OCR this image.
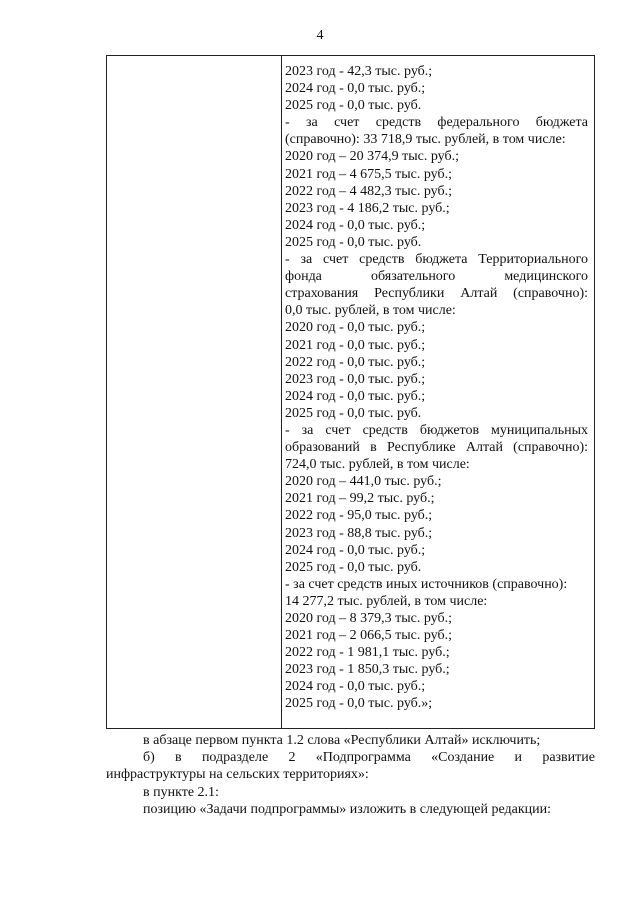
4
2023 год - 42,3 тыс. руб.;
2024 год - 0,0 тыс. руб.;
2025 год - 0,0 тыс. руб.
- за счет средств федерального бюджета
(справочно): 33 718,9 тыс. рублей, в том числе:
2020 год – 20 374,9 тыс. руб.;
2021 год – 4 675,5 тыс. руб.;
2022 год – 4 482,3 тыс. руб.;
2023 год - 4 186,2 тыс. руб.;
2024 год - 0,0 тыс. руб.;
2025 год - 0,0 тыс. руб.
- за счет средств бюджета Территориального
фонда обязательного медицинского
страхования Республики Алтай (справочно):
0,0 тыс. рублей, в том числе:
2020 год - 0,0 тыс. руб.;
2021 год - 0,0 тыс. руб.;
2022 год - 0,0 тыс. руб.;
2023 год - 0,0 тыс. руб.;
2024 год - 0,0 тыс. руб.;
2025 год - 0,0 тыс. руб.
- за счет средств бюджетов муниципальных
образований в Республике Алтай (справочно):
724,0 тыс. рублей, в том числе:
2020 год – 441,0 тыс. руб.;
2021 год – 99,2 тыс. руб.;
2022 год - 95,0 тыс. руб.;
2023 год - 88,8 тыс. руб.;
2024 год - 0,0 тыс. руб.;
2025 год - 0,0 тыс. руб.
- за счет средств иных источников (справочно):
14 277,2 тыс. рублей, в том числе:
2020 год – 8 379,3 тыс. руб.;
2021 год – 2 066,5 тыс. руб.;
2022 год - 1 981,1 тыс. руб.;
2023 год - 1 850,3 тыс. руб.;
2024 год - 0,0 тыс. руб.;
2025 год - 0,0 тыс. руб.»;
в абзаце первом пункта 1.2 слова «Республики Алтай» исключить;
б) в подразделе 2 «Подпрограмма «Создание и развитие
инфраструктуры на сельских территориях»:
в пункте 2.1:
позицию «Задачи подпрограммы» изложить в следующей редакции:
